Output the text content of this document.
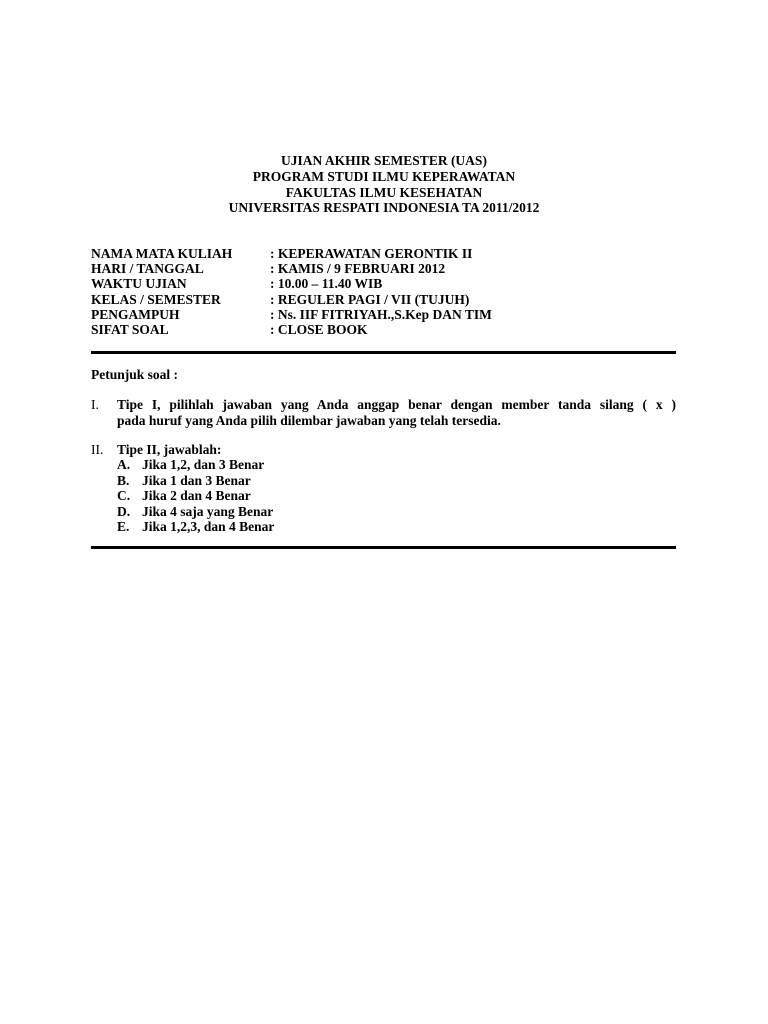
UJIAN AKHIR SEMESTER (UAS)
PROGRAM STUDI ILMU KEPERAWATAN
FAKULTAS ILMU KESEHATAN
UNIVERSITAS RESPATI INDONESIA TA 2011/2012
NAMA MATA KULIAH	: KEPERAWATAN GERONTIK II
HARI / TANGGAL	: KAMIS / 9 FEBRUARI 2012
WAKTU UJIAN	: 10.00 – 11.40 WIB
KELAS / SEMESTER	: REGULER PAGI / VII (TUJUH)
PENGAMPUH	: Ns. IIF FITRIYAH.,S.Kep DAN TIM
SIFAT SOAL	: CLOSE BOOK
Petunjuk soal :
I.	Tipe I, pilihlah jawaban yang Anda anggap benar dengan member tanda silang ( x )
pada huruf yang Anda pilih dilembar jawaban yang telah tersedia.
II.	Tipe II, jawablah:
A. Jika 1,2, dan 3 Benar
B. Jika 1 dan 3 Benar
C. Jika 2 dan 4 Benar
D. Jika 4 saja yang Benar
E. Jika 1,2,3, dan 4 Benar
